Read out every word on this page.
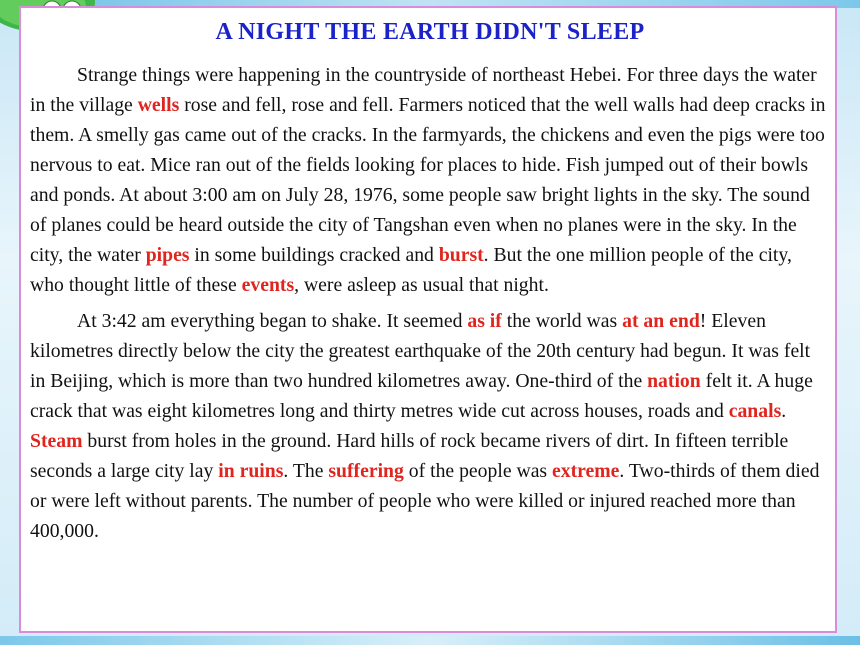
A NIGHT THE EARTH DIDN'T SLEEP

Strange things were happening in the countryside of northeast Hebei. For three days the water in the village wells rose and fell, rose and fell. Farmers noticed that the well walls had deep cracks in them. A smelly gas came out of the cracks. In the farmyards, the chickens and even the pigs were too nervous to eat. Mice ran out of the fields looking for places to hide. Fish jumped out of their bowls and ponds. At about 3:00 am on July 28, 1976, some people saw bright lights in the sky. The sound of planes could be heard outside the city of Tangshan even when no planes were in the sky. In the city, the water pipes in some buildings cracked and burst. But the one million people of the city, who thought little of these events, were asleep as usual that night.

At 3:42 am everything began to shake. It seemed as if the world was at an end! Eleven kilometres directly below the city the greatest earthquake of the 20th century had begun. It was felt in Beijing, which is more than two hundred kilometres away. One-third of the nation felt it. A huge crack that was eight kilometres long and thirty metres wide cut across houses, roads and canals. Steam burst from holes in the ground. Hard hills of rock became rivers of dirt. In fifteen terrible seconds a large city lay in ruins. The suffering of the people was extreme. Two-thirds of them died or were left without parents. The number of people who were killed or injured reached more than 400,000.
